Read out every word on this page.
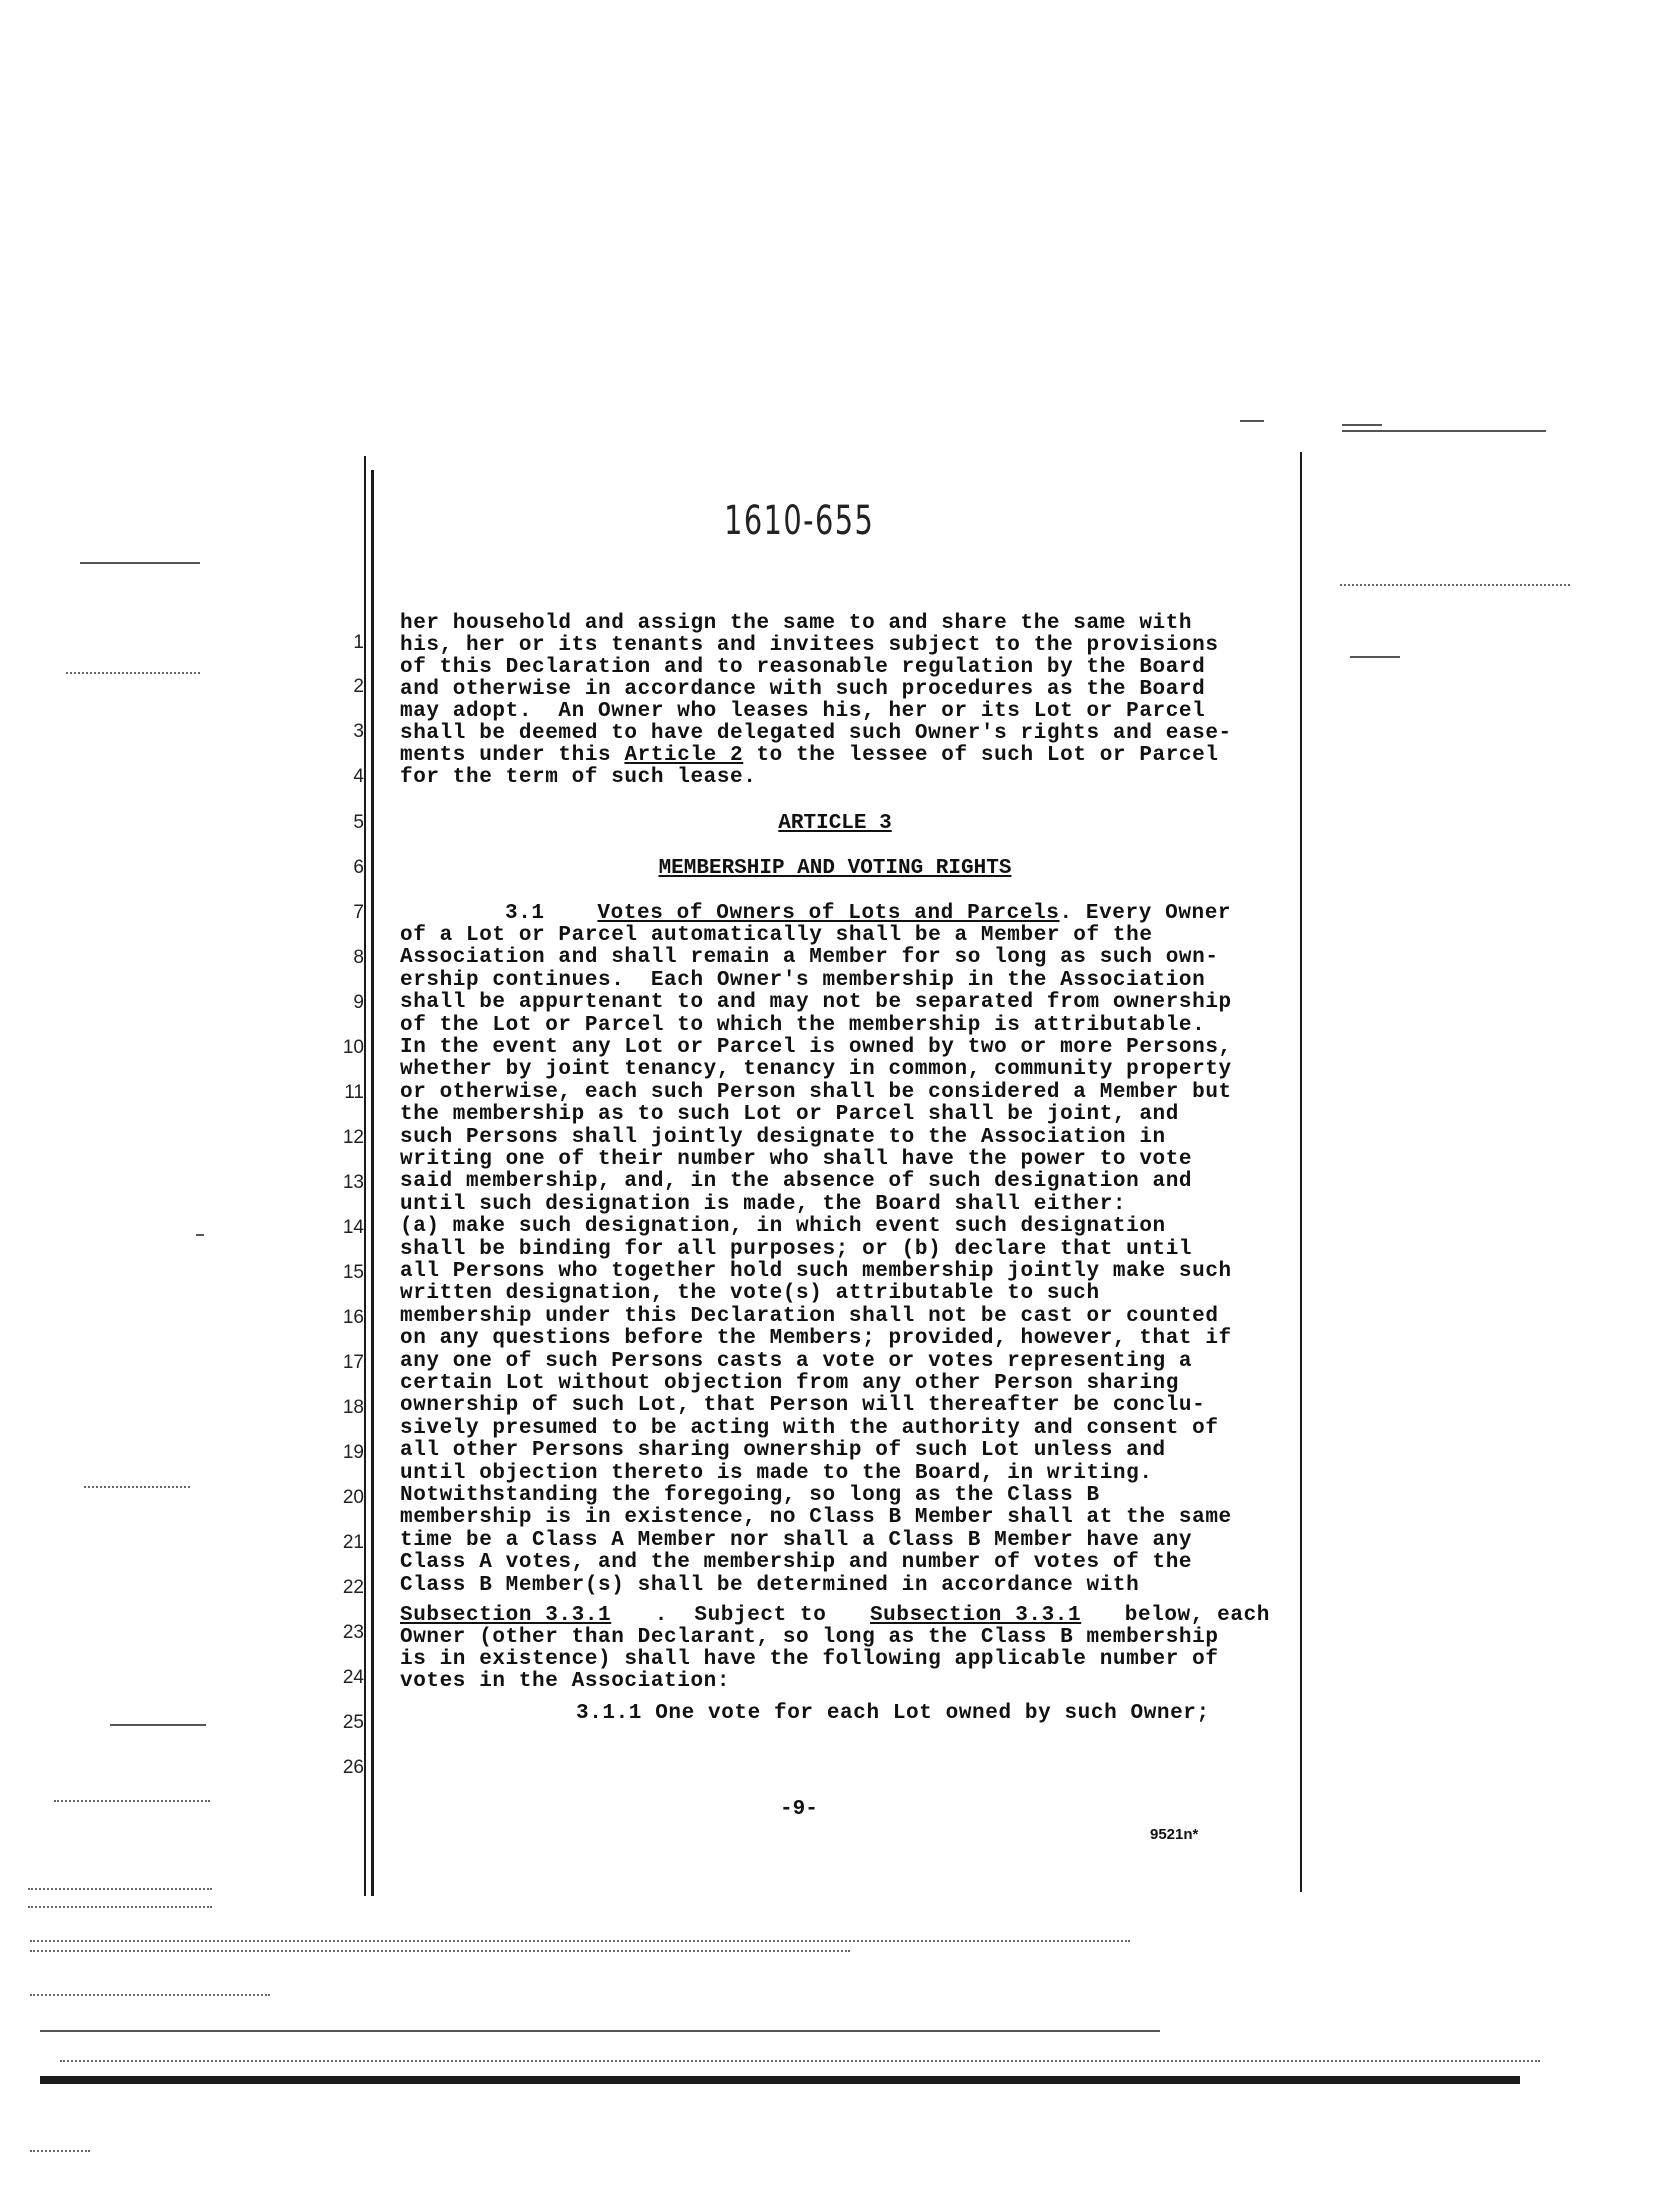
1610-655
1
2
3
4
5
6
7
8
9
10
11
12
13
14
15
16
17
18
19
20
21
22
23
24
25
26
her household and assign the same to and share the same with
his, her or its tenants and invitees subject to the provisions
of this Declaration and to reasonable regulation by the Board
and otherwise in accordance with such procedures as the Board
may adopt.  An Owner who leases his, her or its Lot or Parcel
shall be deemed to have delegated such Owner's rights and ease-
ments under this Article 2 to the lessee of such Lot or Parcel
for the term of such lease.
ARTICLE 3
MEMBERSHIP AND VOTING RIGHTS
3.1	Votes of Owners of Lots and Parcels. Every Owner
of a Lot or Parcel automatically shall be a Member of the
Association and shall remain a Member for so long as such own-
ership continues.  Each Owner's membership in the Association
shall be appurtenant to and may not be separated from ownership
of the Lot or Parcel to which the membership is attributable.
In the event any Lot or Parcel is owned by two or more Persons,
whether by joint tenancy, tenancy in common, community property
or otherwise, each such Person shall be considered a Member but
the membership as to such Lot or Parcel shall be joint, and
such Persons shall jointly designate to the Association in
writing one of their number who shall have the power to vote
said membership, and, in the absence of such designation and
until such designation is made, the Board shall either:
(a) make such designation, in which event such designation
shall be binding for all purposes; or (b) declare that until
all Persons who together hold such membership jointly make such
written designation, the vote(s) attributable to such
membership under this Declaration shall not be cast or counted
on any questions before the Members; provided, however, that if
any one of such Persons casts a vote or votes representing a
certain Lot without objection from any other Person sharing
ownership of such Lot, that Person will thereafter be conclu-
sively presumed to be acting with the authority and consent of
all other Persons sharing ownership of such Lot unless and
until objection thereto is made to the Board, in writing.
Notwithstanding the foregoing, so long as the Class B
membership is in existence, no Class B Member shall at the same
time be a Class A Member nor shall a Class B Member have any
Class A votes, and the membership and number of votes of the
Class B Member(s) shall be determined in accordance with
Subsection 3.3.1 .  Subject to Subsection 3.3.1 below, each
Owner (other than Declarant, so long as the Class B membership
is in existence) shall have the following applicable number of
votes in the Association:
3.1.1 One vote for each Lot owned by such Owner;
-9-
9521n*
